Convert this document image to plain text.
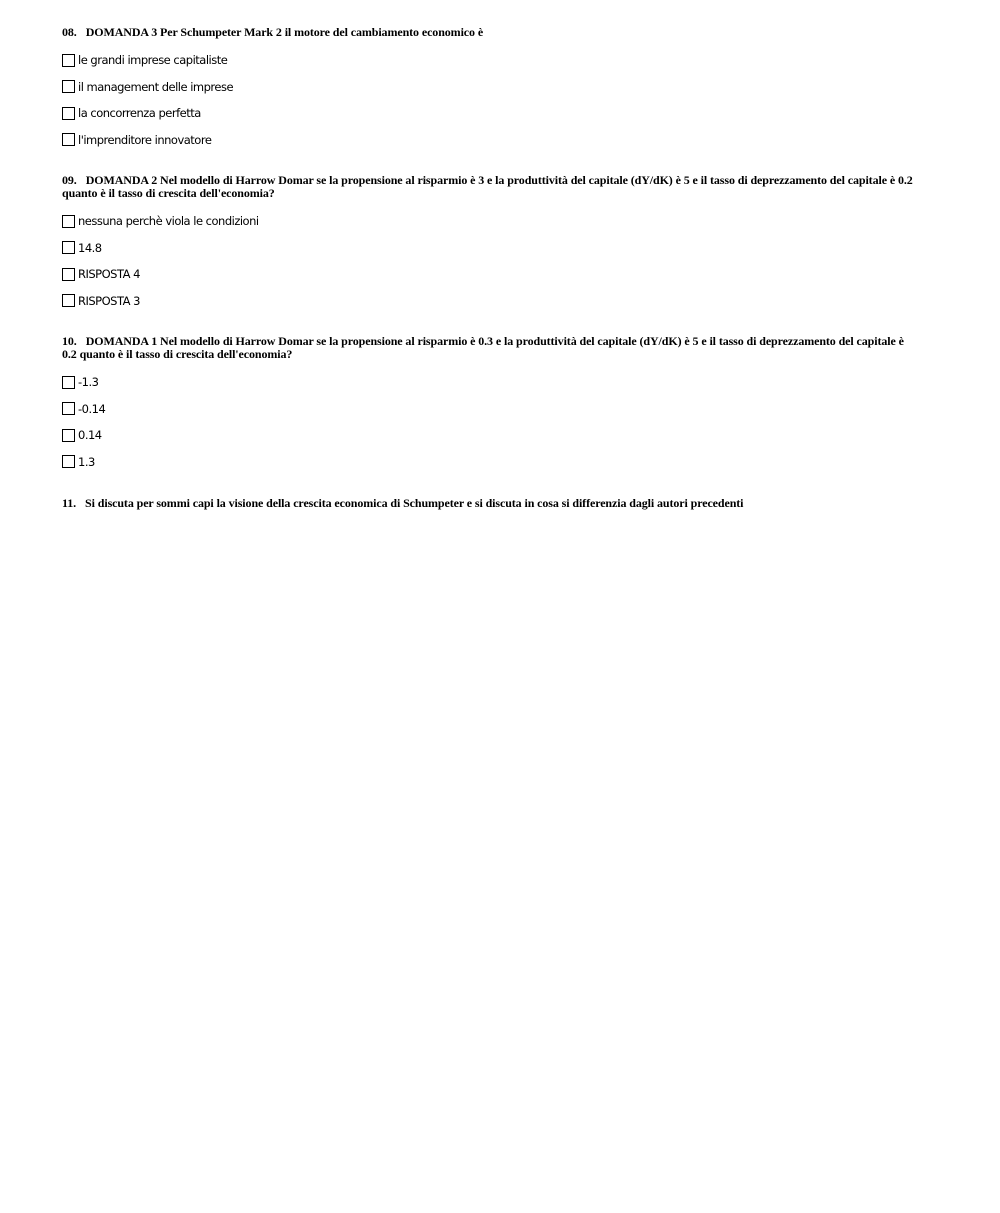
08. DOMANDA 3 Per Schumpeter Mark 2 il motore del cambiamento economico è

le grandi imprese capitaliste
il management delle imprese
la concorrenza perfetta
l'imprenditore innovatore

09. DOMANDA 2 Nel modello di Harrow Domar se la propensione al risparmio è 3 e la produttività del capitale (dY/dK) è 5 e il tasso di deprezzamento del capitale è 0.2 quanto è il tasso di crescita dell'economia?

nessuna perchè viola le condizioni
14.8
RISPOSTA 4
RISPOSTA 3

10. DOMANDA 1 Nel modello di Harrow Domar se la propensione al risparmio è 0.3 e la produttività del capitale (dY/dK) è 5 e il tasso di deprezzamento del capitale è 0.2 quanto è il tasso di crescita dell'economia?

-1.3
-0.14
0.14
1.3

11. Si discuta per sommi capi la visione della crescita economica di Schumpeter e si discuta in cosa si differenzia dagli autori precedenti
